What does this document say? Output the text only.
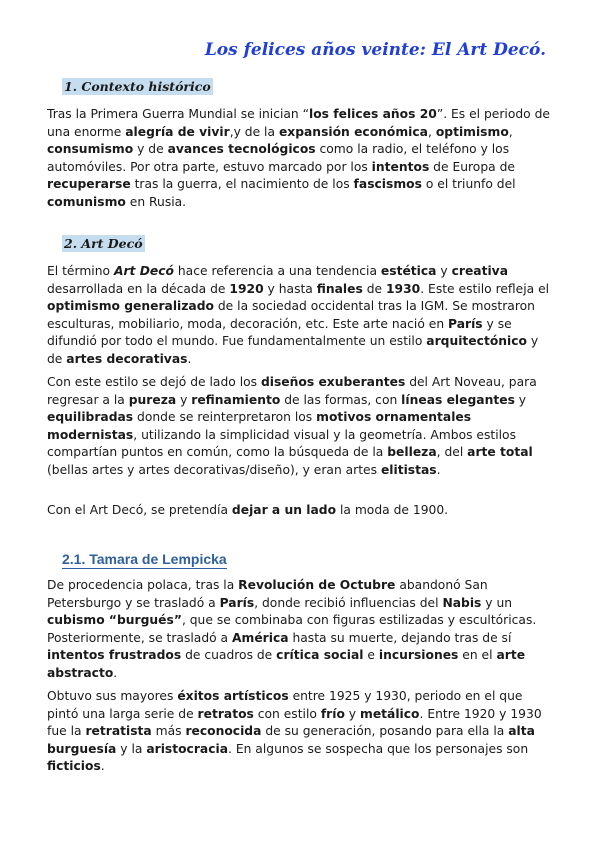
Los felices años veinte: El Art Decó.
1. Contexto histórico

Tras la Primera Guerra Mundial se inician “los felices años 20”. Es el periodo de una enorme alegría de vivir,y de la expansión económica, optimismo, consumismo y de avances tecnológicos como la radio, el teléfono y los automóviles. Por otra parte, estuvo marcado por los intentos de Europa de recuperarse tras la guerra, el nacimiento de los fascismos o el triunfo del comunismo en Rusia.

2. Art Decó

El término Art Decó hace referencia a una tendencia estética y creativa desarrollada en la década de 1920 y hasta finales de 1930. Este estilo refleja el optimismo generalizado de la sociedad occidental tras la IGM. Se mostraron esculturas, mobiliario, moda, decoración, etc. Este arte nació en París y se difundió por todo el mundo. Fue fundamentalmente un estilo arquitectónico y de artes decorativas.

Con este estilo se dejó de lado los diseños exuberantes del Art Noveau, para regresar a la pureza y refinamiento de las formas, con líneas elegantes y equilibradas donde se reinterpretaron los motivos ornamentales modernistas, utilizando la simplicidad visual y la geometría. Ambos estilos compartían puntos en común, como la búsqueda de la belleza, del arte total (bellas artes y artes decorativas/diseño), y eran artes elitistas.

Con el Art Decó, se pretendía dejar a un lado la moda de 1900.

2.1. Tamara de Lempicka

De procedencia polaca, tras la Revolución de Octubre abandonó San Petersburgo y se trasladó a París, donde recibió influencias del Nabis y un cubismo “burgués”, que se combinaba con figuras estilizadas y escultóricas. Posteriormente, se trasladó a América hasta su muerte, dejando tras de sí intentos frustrados de cuadros de crítica social e incursiones en el arte abstracto.

Obtuvo sus mayores éxitos artísticos entre 1925 y 1930, periodo en el que pintó una larga serie de retratos con estilo frío y metálico. Entre 1920 y 1930 fue la retratista más reconocida de su generación, posando para ella la alta burguesía y la aristocracia. En algunos se sospecha que los personajes son ficticios.
